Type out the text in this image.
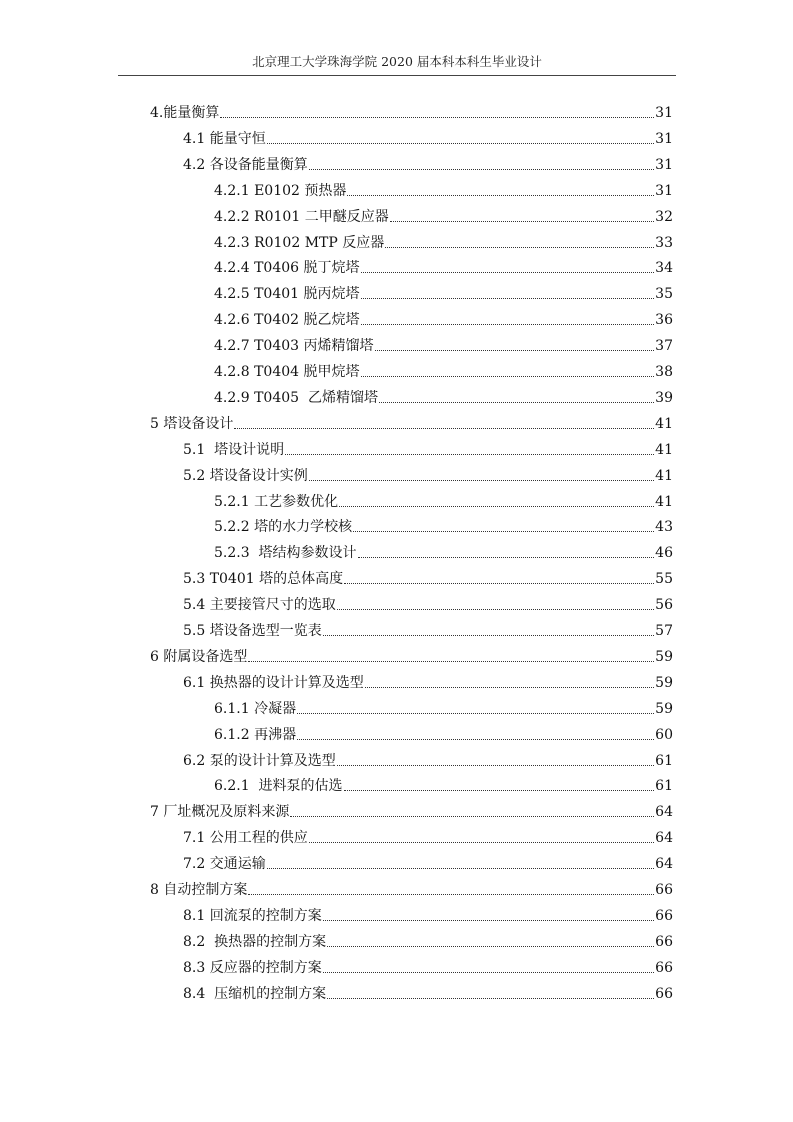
北京理工大学珠海学院 2020 届本科本科生毕业设计
4.能量衡算	31
4.1 能量守恒	31
4.2 各设备能量衡算	31
4.2.1 E0102 预热器	31
4.2.2 R0101 二甲醚反应器	32
4.2.3 R0102 MTP 反应器	33
4.2.4 T0406 脱丁烷塔	34
4.2.5 T0401 脱丙烷塔	35
4.2.6 T0402 脱乙烷塔	36
4.2.7 T0403 丙烯精馏塔	37
4.2.8 T0404 脱甲烷塔	38
4.2.9 T0405  乙烯精馏塔	39
5 塔设备设计	41
5.1  塔设计说明	41
5.2 塔设备设计实例	41
5.2.1 工艺参数优化	41
5.2.2 塔的水力学校核	43
5.2.3  塔结构参数设计	46
5.3 T0401 塔的总体高度	55
5.4 主要接管尺寸的选取	56
5.5 塔设备选型一览表	57
6 附属设备选型	59
6.1 换热器的设计计算及选型	59
6.1.1 冷凝器	59
6.1.2 再沸器	60
6.2 泵的设计计算及选型	61
6.2.1  进料泵的估选	61
7 厂址概况及原料来源	64
7.1 公用工程的供应	64
7.2 交通运输	64
8 自动控制方案	66
8.1 回流泵的控制方案	66
8.2  换热器的控制方案	66
8.3 反应器的控制方案	66
8.4  压缩机的控制方案	66
